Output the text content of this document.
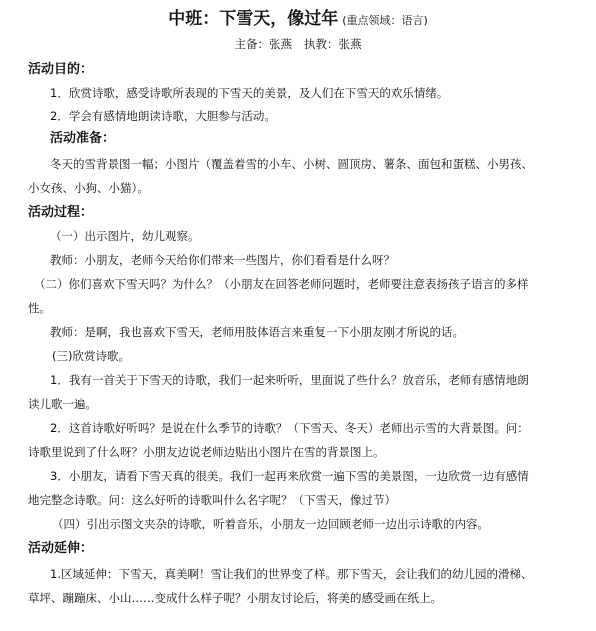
中班：下雪天，像过年 (重点领域：语言)
主备：张燕 执教：张燕
活动目的：
1．欣赏诗歌，感受诗歌所表现的下雪天的美景，及人们在下雪天的欢乐情绪。
2．学会有感情地朗读诗歌，大胆参与活动。
活动准备：
冬天的雪背景图一幅；小图片（覆盖着雪的小车、小树、圆顶房、薯条、面包和蛋糕、小男孩、
小女孩、小狗、小猫）。
活动过程：
（一）出示图片，幼儿观察。
教师：小朋友，老师今天给你们带来一些图片，你们看看是什么呀？
（二）你们喜欢下雪天吗？为什么？（小朋友在回答老师问题时，老师要注意表扬孩子语言的多样
性。
教师：是啊，我也喜欢下雪天，老师用肢体语言来重复一下小朋友刚才所说的话。
(三)欣赏诗歌。
1．我有一首关于下雪天的诗歌，我们一起来听听，里面说了些什么？放音乐，老师有感情地朗
读儿歌一遍。
2．这首诗歌好听吗？是说在什么季节的诗歌？（下雪天、冬天）老师出示雪的大背景图。问：
诗歌里说到了什么呀？小朋友边说老师边贴出小图片在雪的背景图上。
3．小朋友，请看下雪天真的很美。我们一起再来欣赏一遍下雪的美景图，一边欣赏一边有感情
地完整念诗歌。问：这么好听的诗歌叫什么名字呢？（下雪天，像过节）
（四）引出示图文夹杂的诗歌，听着音乐，小朋友一边回顾老师一边出示诗歌的内容。
活动延伸：
1.区域延伸：下雪天，真美啊！雪让我们的世界变了样。那下雪天，会让我们的幼儿园的滑梯、
草坪、蹦蹦床、小山……变成什么样子呢？小朋友讨论后，将美的感受画在纸上。
